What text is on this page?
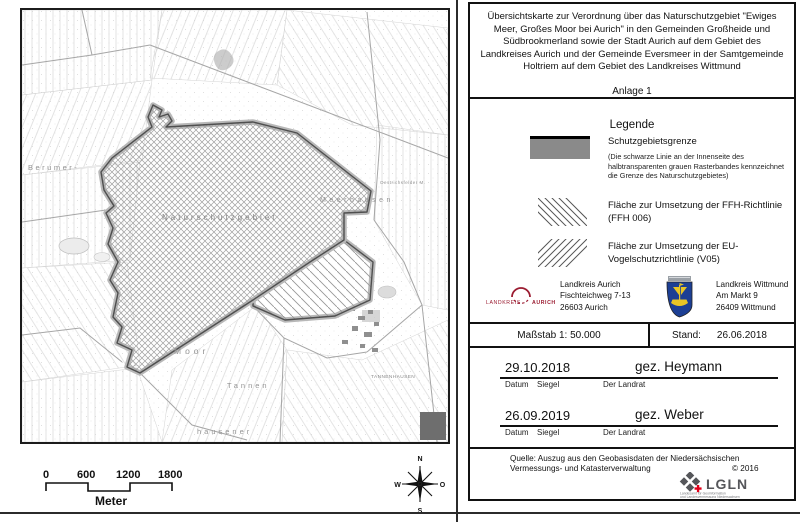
Berumer-
Naturschutzgebiet
Meerhausen
Oestrichsfelder M.
Moor
Tannen
hausener
TANNENHAUSEN
0	600 1200 1800
Meter
N
W	O
Übersichtskarte zur Verordnung über das Naturschutzgebiet "Ewiges Meer, Großes Moor bei Aurich" in den Gemeinden Großheide und Südbrookmerland sowie der Stadt Aurich auf dem Gebiet des Landkreises Aurich und der Gemeinde Eversmeer in der Samtgemeinde Holtriem auf dem Gebiet des Landkreises Wittmund
Anlage 1
Legende
Schutzgebietsgrenze
(Die schwarze Linie an der Innenseite des halbtransparenten grauen Rasterbandes kennzeichnet die Grenze des Naturschutzgebietes)
Fläche zur Umsetzung der FFH-Richtlinie (FFH 006)
Fläche zur Umsetzung der EU-Vogelschutzrichtlinie (V05)
LANDKREIS AURICH
Landkreis Aurich
Fischteichweg 7-13
26603 Aurich
Landkreis Wittmund
Am Markt 9
26409 Wittmund
Maßstab 1: 50.000	Stand: 26.06.2018
29.10.2018	gez. Heymann
Datum Siegel	Der Landrat
26.09.2019	gez. Weber
Datum Siegel	Der Landrat
Quelle: Auszug aus den Geobasisdaten der Niedersächsischen
Vermessungs- und Katasterverwaltung	© 2016
LGLN
Landesamt für Geoinformation
und Landesvermessung Niedersachsen
